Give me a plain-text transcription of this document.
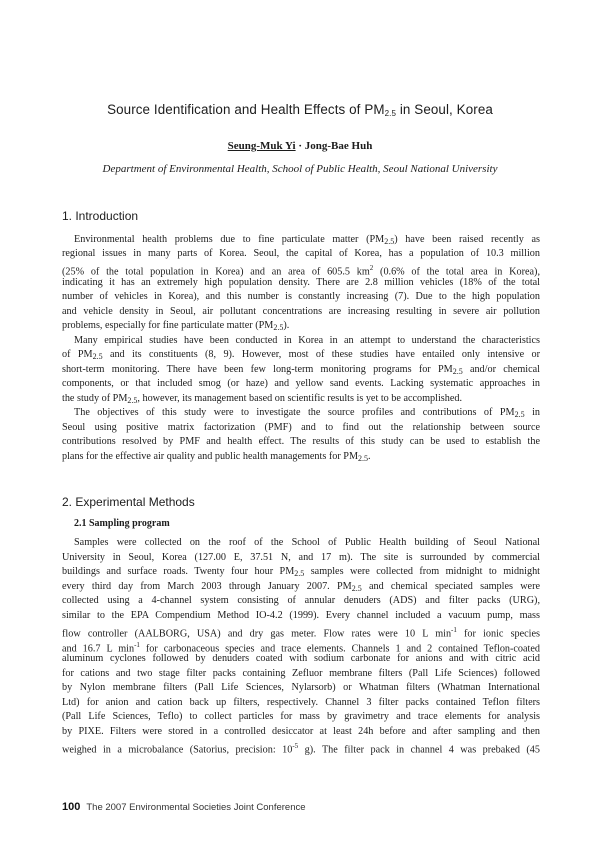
Source Identification and Health Effects of $PM_{2.5}$ in Seoul, Korea
Seung-Muk Yi · Jong-Bae Huh
Department of Environmental Health, School of Public Health, Seoul National University
1. Introduction
Environmental health problems due to fine particulate matter $(PM_{2.5})$ have been raised recently as
regional issues in many parts of Korea. Seoul, the capital of Korea, has a population of 10.3 million
(25% of the total population in Korea) and an area of 605.5 $km^2$ (0.6% of the total area in Korea),
indicating it has an extremely high population density. There are 2.8 million vehicles (18% of the total
number of vehicles in Korea), and this number is constantly increasing (7). Due to the high population
and vehicle density in Seoul, air pollutant concentrations are increasing resulting in severe air pollution
problems, especially for fine particulate matter $(PM_{2.5})$.
Many empirical studies have been conducted in Korea in an attempt to understand the characteristics
of $PM_{2.5}$ and its constituents (8, 9). However, most of these studies have entailed only intensive or
short-term monitoring. There have been few long-term monitoring programs for $PM_{2.5}$ and/or chemical
components, or that included smog (or haze) and yellow sand events. Lacking systematic approaches in
the study of $PM_{2.5}$, however, its management based on scientific results is yet to be accomplished.
The objectives of this study were to investigate the source profiles and contributions of $PM_{2.5}$ in
Seoul using positive matrix factorization (PMF) and to find out the relationship between source
contributions resolved by PMF and health effect. The results of this study can be used to establish the
plans for the effective air quality and public health managements for $PM_{2.5}$.
2. Experimental Methods
2.1 Sampling program
Samples were collected on the roof of the School of Public Health building of Seoul National
University in Seoul, Korea (127.00 E, 37.51 N, and 17 m). The site is surrounded by commercial
buildings and surface roads. Twenty four hour $PM_{2.5}$ samples were collected from midnight to midnight
every third day from March 2003 through January 2007. $PM_{2.5}$ and chemical speciated samples were
collected using a 4-channel system consisting of annular denuders (ADS) and filter packs (URG),
similar to the EPA Compendium Method IO-4.2 (1999). Every channel included a vacuum pump, mass
flow controller (AALBORG, USA) and dry gas meter. Flow rates were 10 L $\min^{-1}$ for ionic species
and 16.7 L $\min^{-1}$ for carbonaceous species and trace elements. Channels 1 and 2 contained Teflon-coated
aluminum cyclones followed by denuders coated with sodium carbonate for anions and with citric acid
for cations and two stage filter packs containing Zefluor membrane filters (Pall Life Sciences) followed
by Nylon membrane filters (Pall Life Sciences, Nylarsorb) or Whatman filters (Whatman International
Ltd) for anion and cation back up filters, respectively. Channel 3 filter packs contained Teflon filters
(Pall Life Sciences, Teflo) to collect particles for mass by gravimetry and trace elements for analysis
by PIXE. Filters were stored in a controlled desiccator at least 24h before and after sampling and then
weighed in a microbalance (Satorius, precision: $10^{-5}$ g). The filter pack in channel 4 was prebaked (45
100 The 2007 Environmental Societies Joint Conference
